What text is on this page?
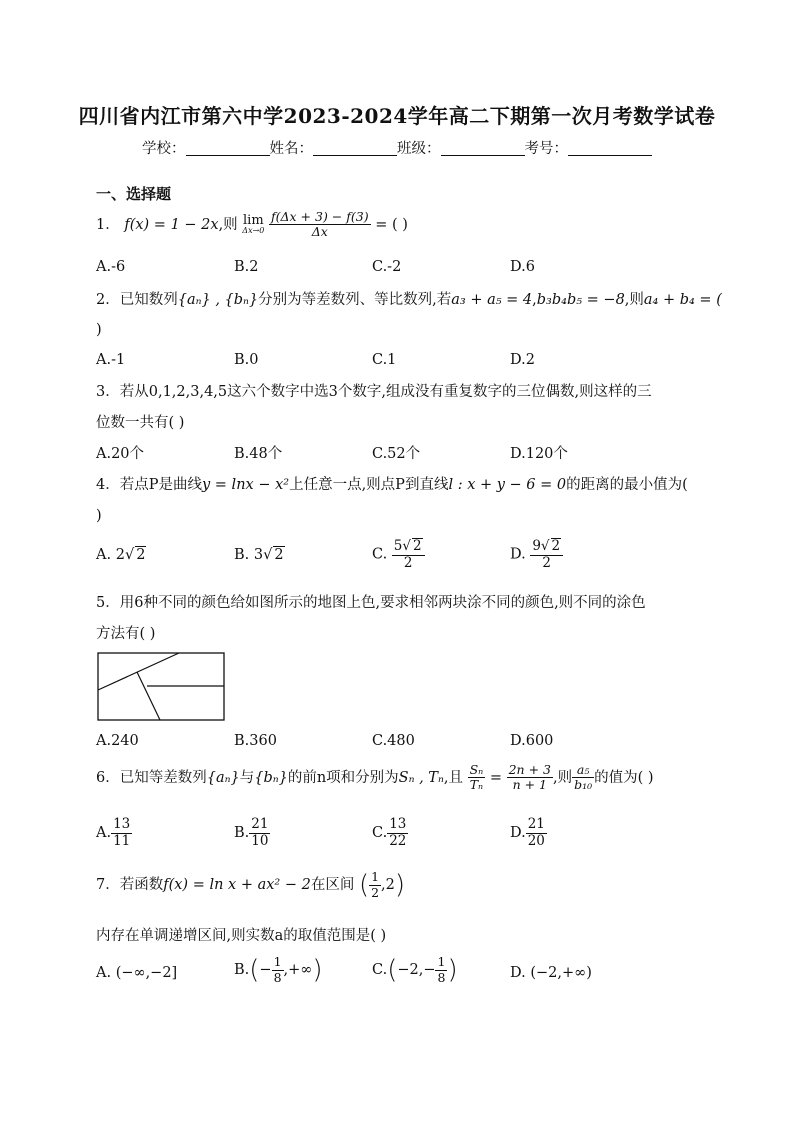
四川省内江市第六中学2023-2024学年高二下期第一次月考数学试卷
学校：	姓名：	班级：	考号：
一、选择题
1． f(x) = 1 − 2x,则 lim
Δx→0
$\frac{f(\Delta x + 3) - f(3)}{\Delta x}$ = ( )
A.-6	B.2	C.-2	D.6
2．已知数列{aₙ} , {bₙ}分别为等差数列、等比数列,若a₃ + a₅ = 4,b₃b₄b₅ = −8,则a₄ + b₄ = (
)
A.-1	B.0	C.1	D.2
3．若从0,1,2,3,4,5这六个数字中选3个数字,组成没有重复数字的三位偶数,则这样的三
位数一共有( )
A.20个	B.48个	C.52个	D.120个
4．若点P是曲线y = lnx − x²上任意一点,则点P到直线l : x + y − 6 = 0的距离的最小值为(
)
A. 2√ 2	B. 3√ 2	C. $\frac{5√ 2}{2}$	D. $\frac{9√ 2}{2}$
5．用6种不同的颜色给如图所示的地图上色,要求相邻两块涂不同的颜色,则不同的涂色
方法有( )
A.240	B.360	C.480	D.600
6．已知等差数列{aₙ}与{bₙ}的前n项和分别为Sₙ , Tₙ,且 $\frac{\text{Sₙ}}{\text{Tₙ}} = \frac{2n + 3}{n + 1}$ ,则 $\frac{\text{a₅}}{\text{b₁₀}}$ 的值为( )
A. $\frac{13}{11}$	B. $\frac{21}{10}$	C. $\frac{13}{22}$	D. $\frac{21}{20}$
7．若函数f(x) = ln x + ax² − 2在区间 ( $\frac{1}{2} ,2$)
内存在单调递增区间,则实数a的取值范围是( )
A. (−∞,−2]	$B.(- \frac{1}{8}$ ,+∞)	$C.(-2,- \frac{1}{8}$ )	D. (−2,+∞)
